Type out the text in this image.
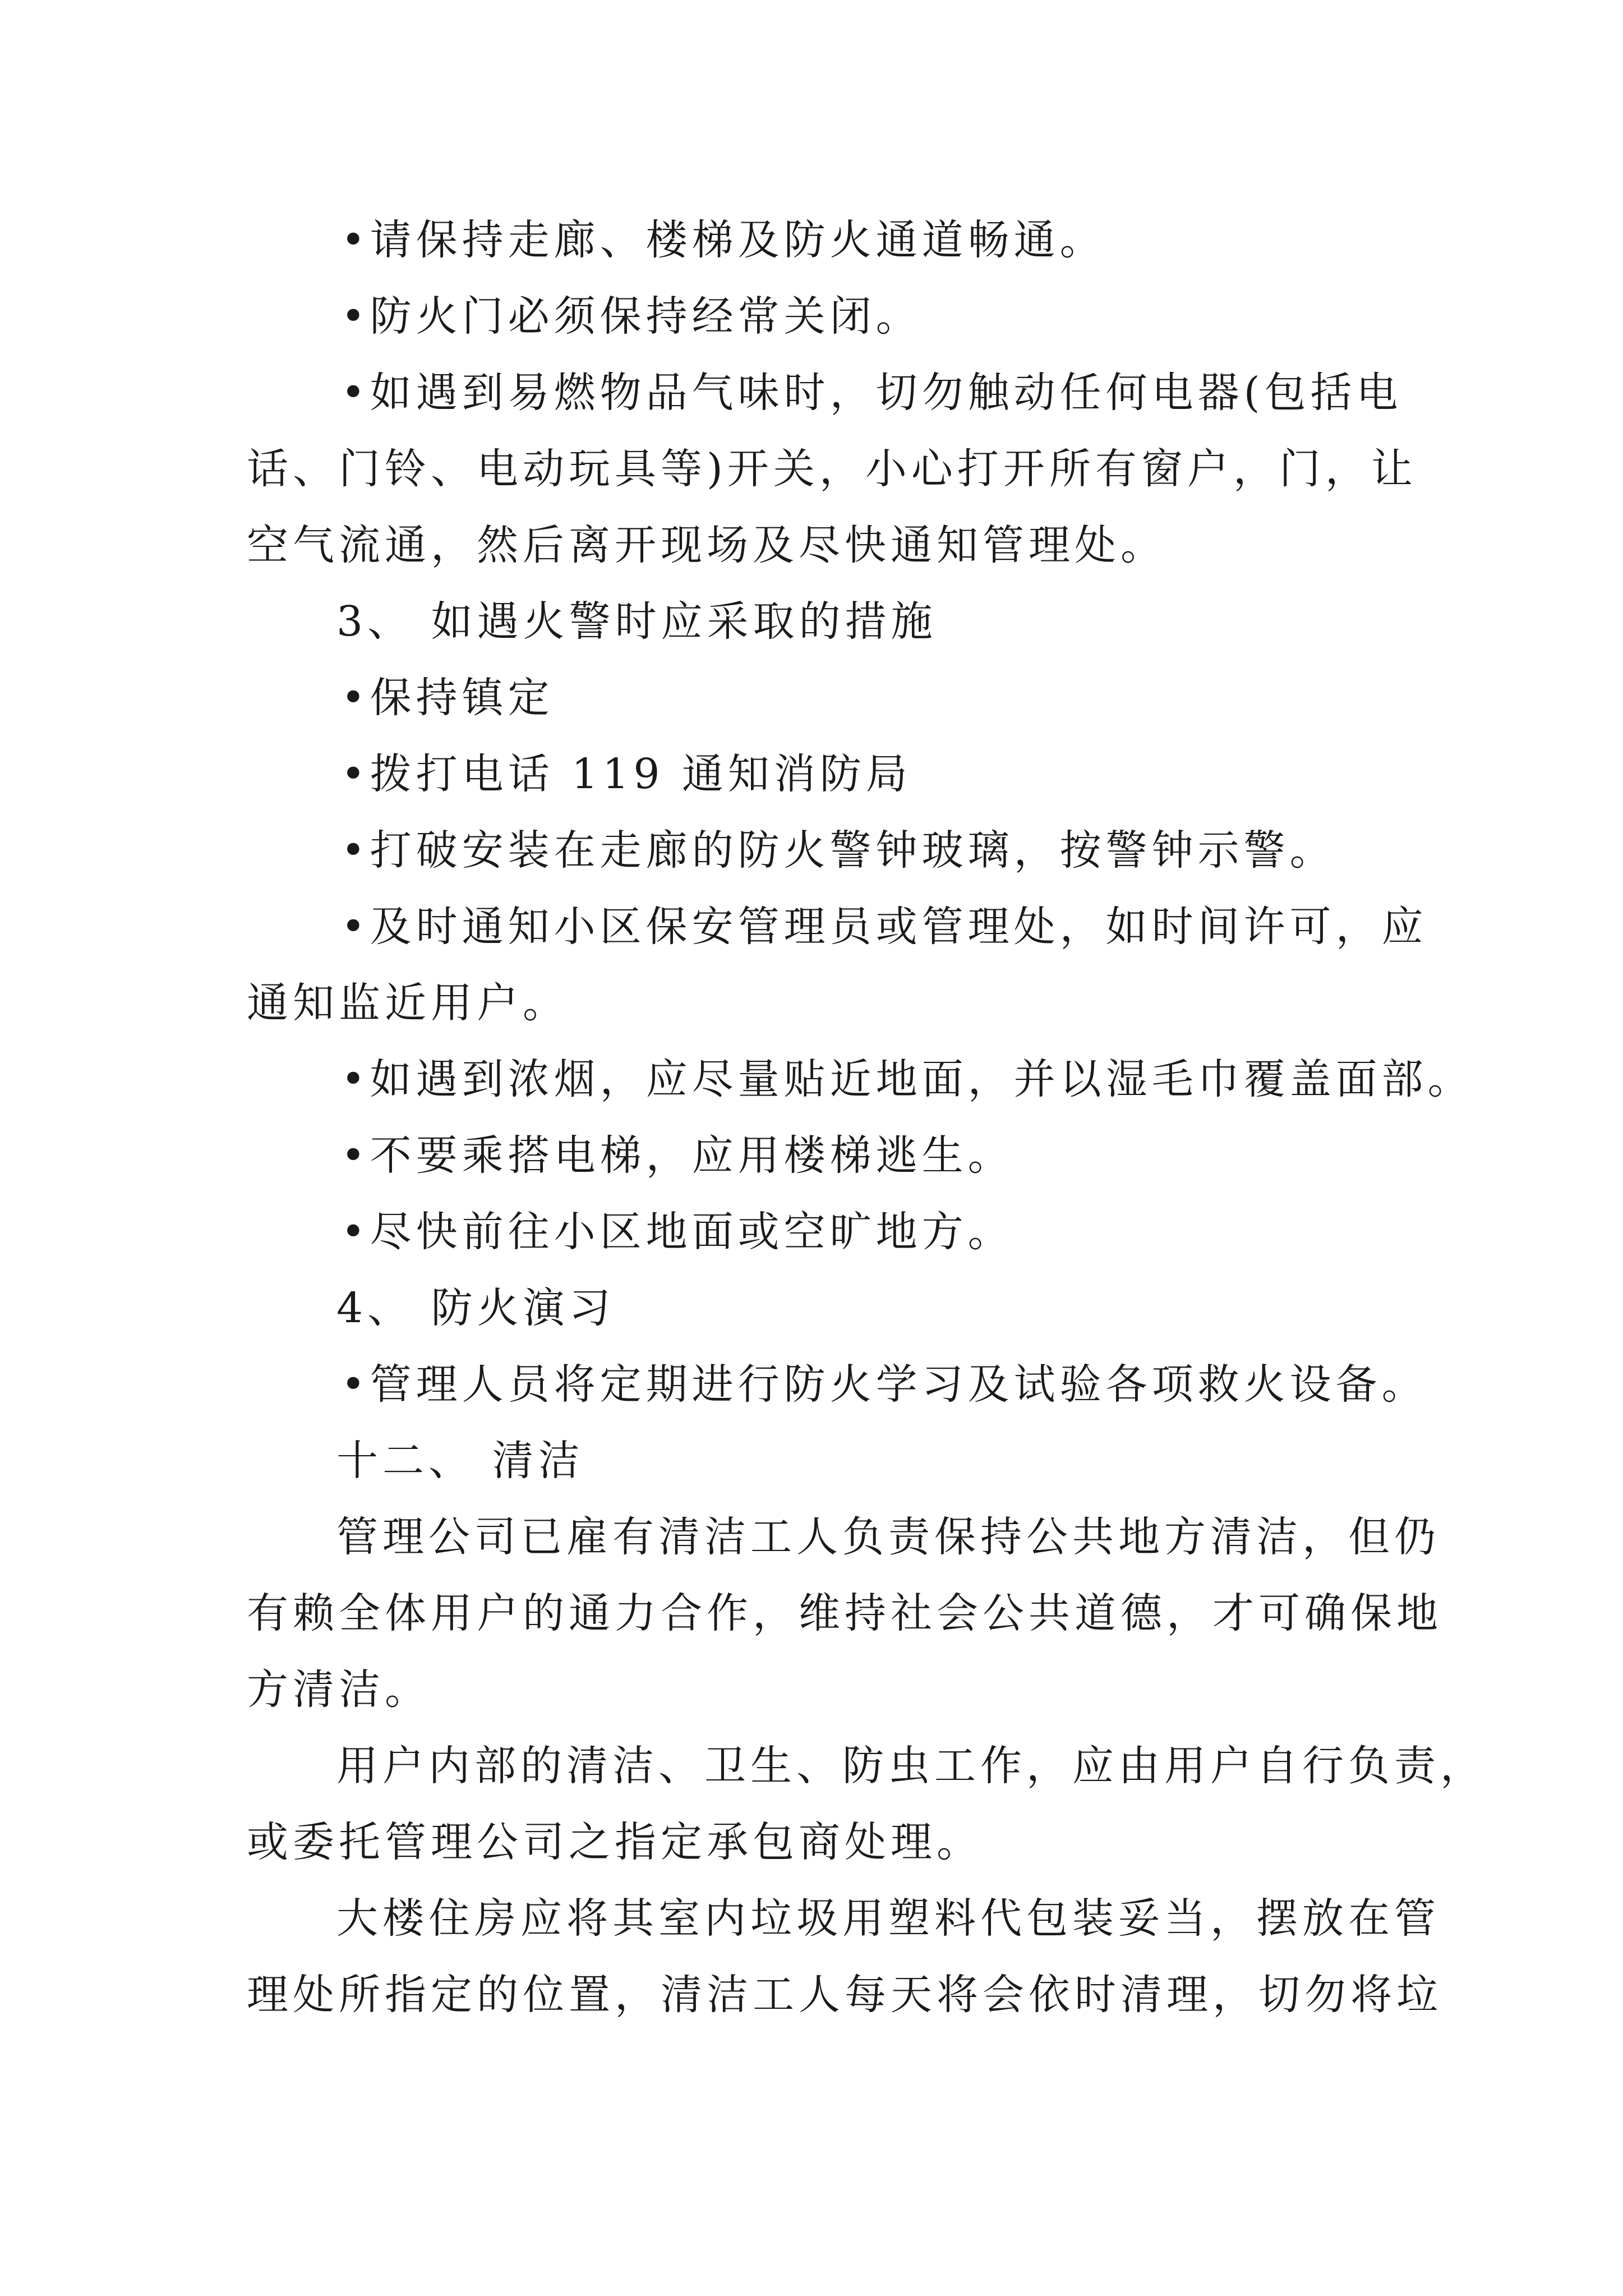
•请保持走廊、楼梯及防火通道畅通。

•防火门必须保持经常关闭。

•如遇到易燃物品气味时，切勿触动任何电器(包括电

话、门铃、电动玩具等)开关，小心打开所有窗户，门，让

空气流通，然后离开现场及尽快通知管理处。

3、 如遇火警时应采取的措施

•保持镇定

•拨打电话 119 通知消防局

•打破安装在走廊的防火警钟玻璃，按警钟示警。

•及时通知小区保安管理员或管理处，如时间许可，应

通知监近用户。

•如遇到浓烟，应尽量贴近地面，并以湿毛巾覆盖面部。

•不要乘搭电梯，应用楼梯逃生。

•尽快前往小区地面或空旷地方。

4、 防火演习

•管理人员将定期进行防火学习及试验各项救火设备。

十二、 清洁

管理公司已雇有清洁工人负责保持公共地方清洁，但仍

有赖全体用户的通力合作，维持社会公共道德，才可确保地

方清洁。

用户内部的清洁、卫生、防虫工作，应由用户自行负责，

或委托管理公司之指定承包商处理。

大楼住房应将其室内垃圾用塑料代包装妥当，摆放在管

理处所指定的位置，清洁工人每天将会依时清理，切勿将垃
